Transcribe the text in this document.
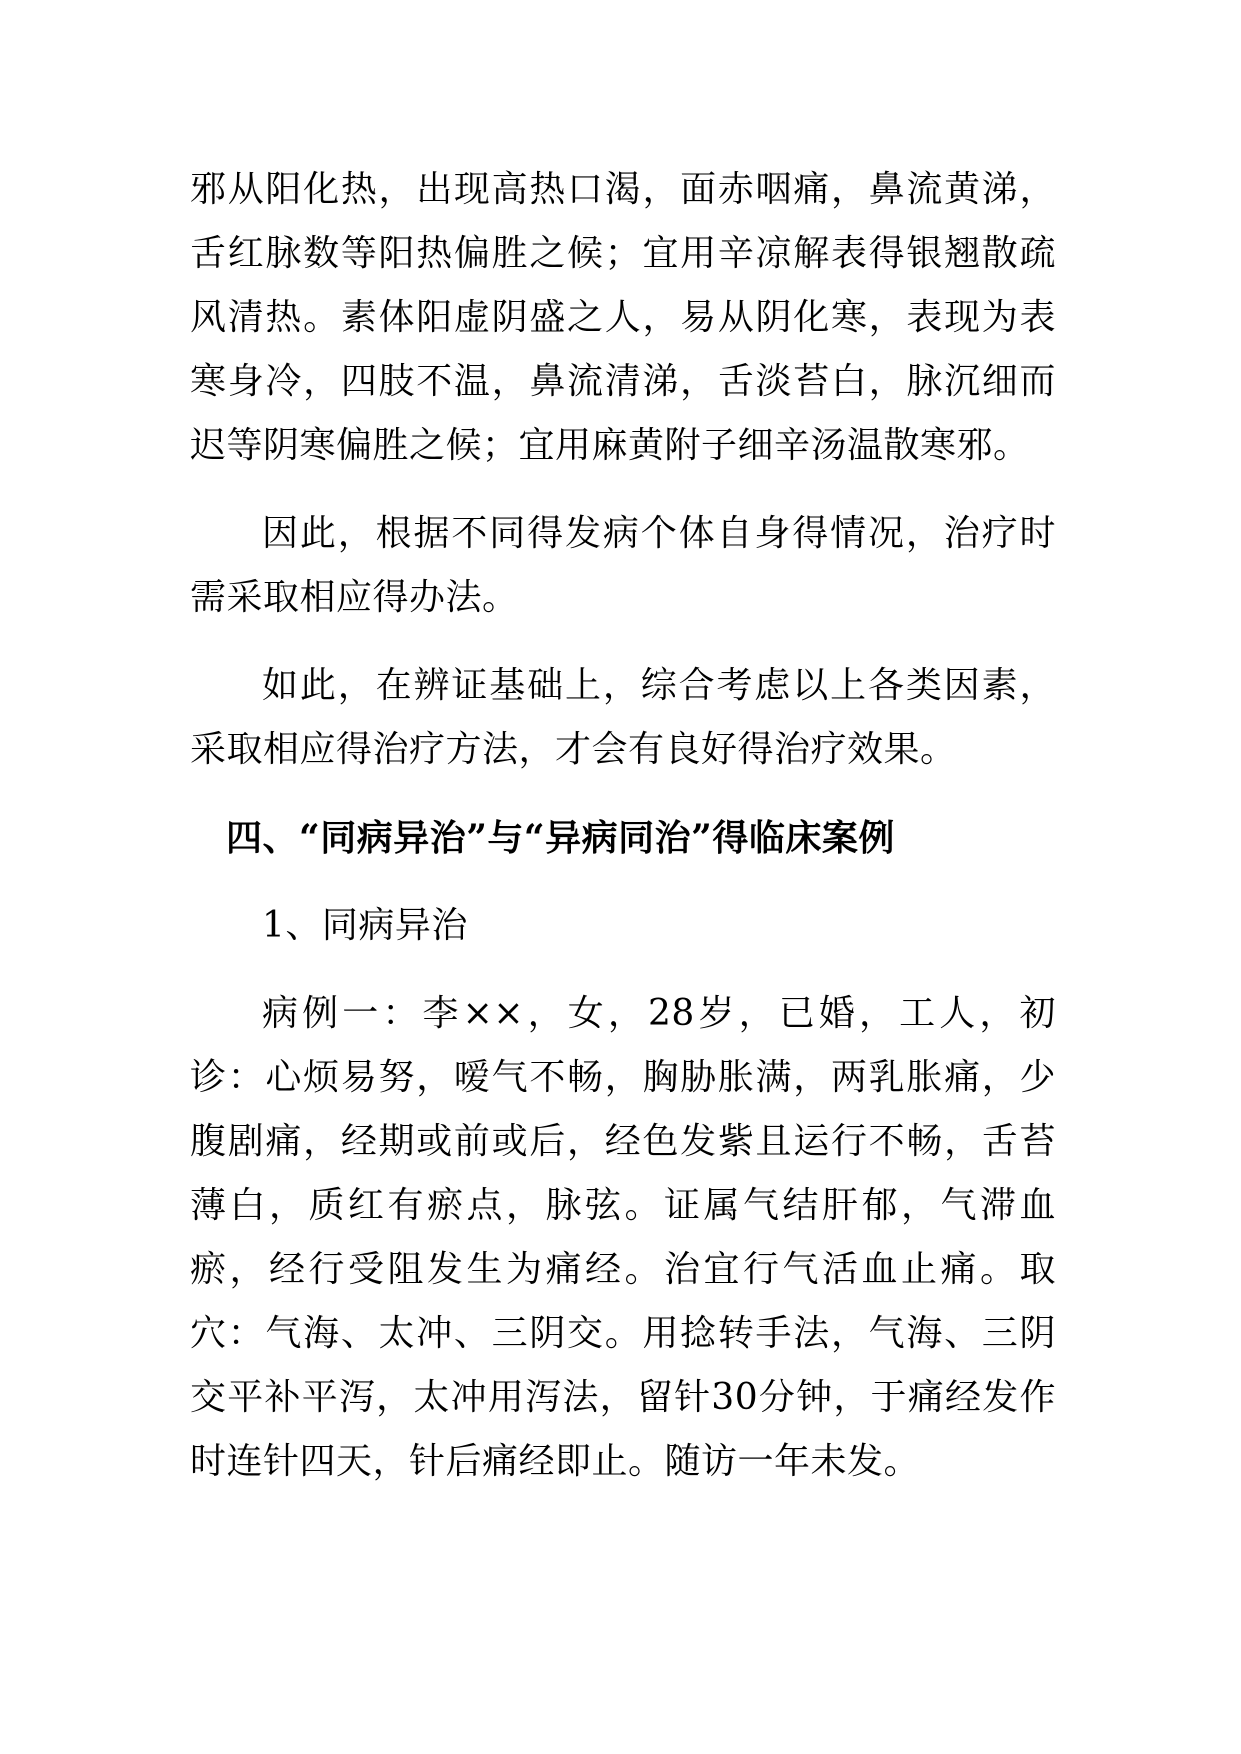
邪从阳化热，出现高热口渴，面赤咽痛，鼻流黄涕，舌红脉数等阳热偏胜之候；宜用辛凉解表得银翘散疏风清热。素体阳虚阴盛之人，易从阴化寒，表现为表寒身冷，四肢不温，鼻流清涕，舌淡苔白，脉沉细而迟等阴寒偏胜之候；宜用麻黄附子细辛汤温散寒邪。

因此，根据不同得发病个体自身得情况，治疗时需采取相应得办法。

如此，在辨证基础上，综合考虑以上各类因素，采取相应得治疗方法，才会有良好得治疗效果。

四、“同病异治”与“异病同治”得临床案例

1、同病异治

病例一：李××，女，28岁，已婚，工人，初诊：心烦易努，嗳气不畅，胸胁胀满，两乳胀痛，少腹剧痛，经期或前或后，经色发紫且运行不畅，舌苔薄白，质红有瘀点，脉弦。证属气结肝郁，气滞血瘀，经行受阻发生为痛经。治宜行气活血止痛。取穴：气海、太冲、三阴交。用捻转手法，气海、三阴交平补平泻，太冲用泻法，留针30分钟，于痛经发作时连针四天，针后痛经即止。随访一年未发。
